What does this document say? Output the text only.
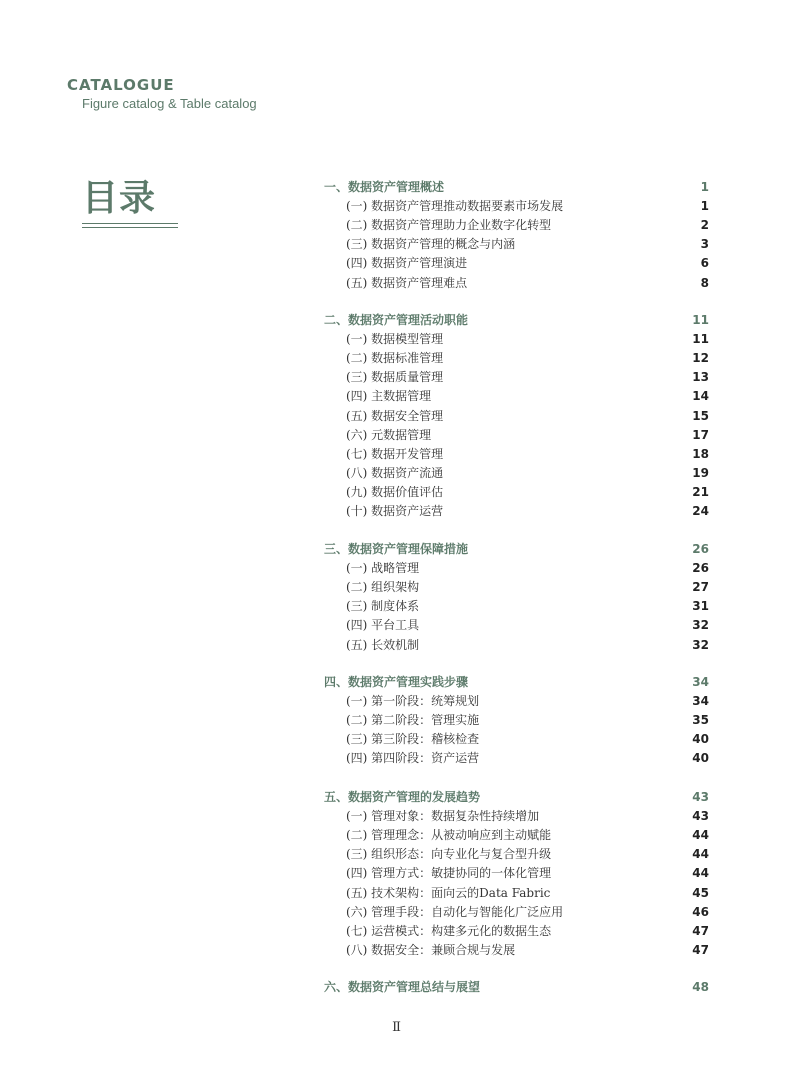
CATALOGUE
Figure catalog & Table catalog
目录	一、数据资产管理概述	1
(一) 数据资产管理推动数据要素市场发展	1
(二) 数据资产管理助力企业数字化转型	2
(三) 数据资产管理的概念与内涵	3
(四) 数据资产管理演进	6
(五) 数据资产管理难点	8
二、数据资产管理活动职能	11
(一) 数据模型管理	11
(二) 数据标准管理	12
(三) 数据质量管理	13
(四) 主数据管理	14
(五) 数据安全管理	15
(六) 元数据管理	17
(七) 数据开发管理	18
(八) 数据资产流通	19
(九) 数据价值评估	21
(十) 数据资产运营	24
三、数据资产管理保障措施	26
(一) 战略管理	26
(二) 组织架构	27
(三) 制度体系	31
(四) 平台工具	32
(五) 长效机制	32
四、数据资产管理实践步骤	34
(一) 第一阶段：统筹规划	34
(二) 第二阶段：管理实施	35
(三) 第三阶段：稽核检查	40
(四) 第四阶段：资产运营	40
五、数据资产管理的发展趋势	43
(一) 管理对象：数据复杂性持续增加	43
(二) 管理理念：从被动响应到主动赋能	44
(三) 组织形态：向专业化与复合型升级	44
(四) 管理方式：敏捷协同的一体化管理	44
(五) 技术架构：面向云的Data Fabric	45
(六) 管理手段：自动化与智能化广泛应用	46
(七) 运营模式：构建多元化的数据生态	47
(八) 数据安全：兼顾合规与发展	47
六、数据资产管理总结与展望	48
Ⅱ
